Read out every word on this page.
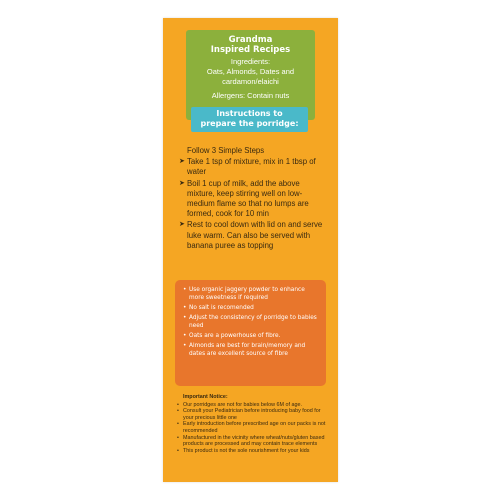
Grandma
Inspired Recipes
Ingredients:
Oats, Almonds, Dates and
cardamon/elaichi
Allergens: Contain nuts
Instructions to
prepare the porridge:
Follow 3 Simple Steps
➤ Take 1 tsp of mixture, mix in 1 tbsp of water
➤ Boil 1 cup of milk, add the above mixture, keep stirring well on low-medium flame so that no lumps are formed, cook for 10 min
➤ Rest to cool down with lid on and serve luke warm. Can also be served with banana puree as topping
• Use organic jaggery powder to enhance more sweetness if required
• No salt is recomended
• Adjust the consistency of porridge to babies need
• Oats are a powerhouse of fibre.
• Almonds are best for brain/memory and dates are excellent source of fibre
Important Notice:
• Our porridges are not for babies below 6M of age.
• Consult your Pediatrician before introducing baby food for your precious little one
• Early introduction before prescribed age on our packs is not recommended
• Manufactured in the vicinity where wheat/nuts/gluten based products are processed and may contain trace elements
• This product is not the sole nourishment for your kids
